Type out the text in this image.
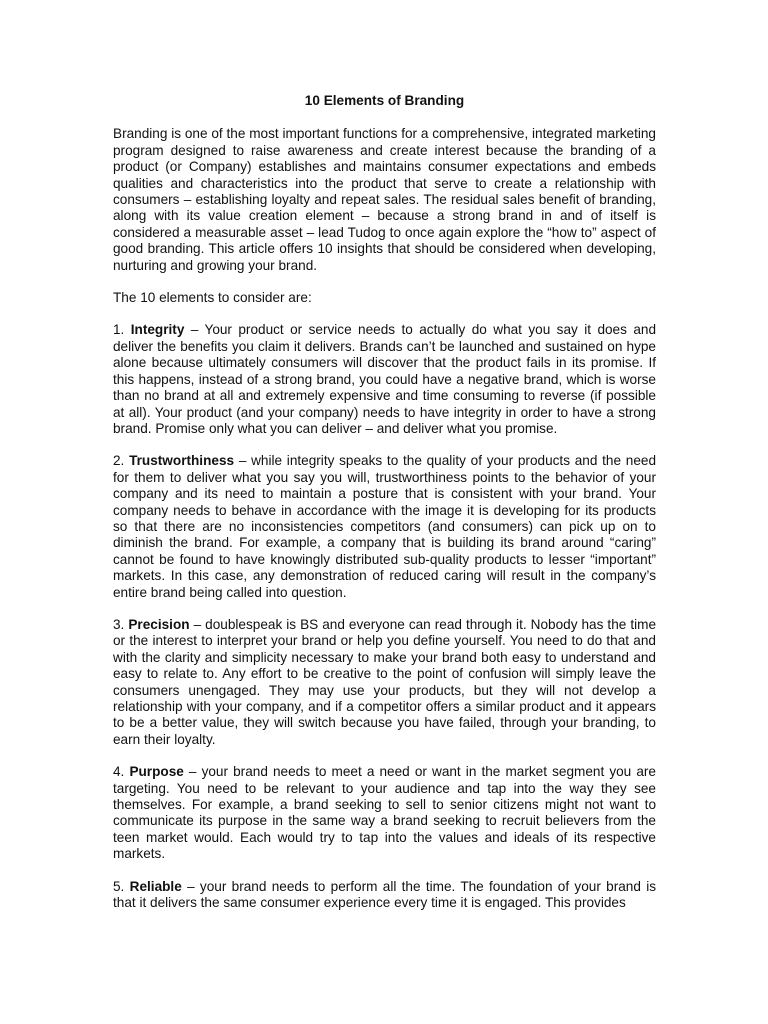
10 Elements of Branding

Branding is one of the most important functions for a comprehensive, integrated marketing program designed to raise awareness and create interest because the branding of a product (or Company) establishes and maintains consumer expectations and embeds qualities and characteristics into the product that serve to create a relationship with consumers – establishing loyalty and repeat sales. The residual sales benefit of branding, along with its value creation element – because a strong brand in and of itself is considered a measurable asset – lead Tudog to once again explore the “how to” aspect of good branding. This article offers 10 insights that should be considered when developing, nurturing and growing your brand.

The 10 elements to consider are:

1. Integrity – Your product or service needs to actually do what you say it does and deliver the benefits you claim it delivers. Brands can’t be launched and sustained on hype alone because ultimately consumers will discover that the product fails in its promise. If this happens, instead of a strong brand, you could have a negative brand, which is worse than no brand at all and extremely expensive and time consuming to reverse (if possible at all). Your product (and your company) needs to have integrity in order to have a strong brand. Promise only what you can deliver – and deliver what you promise.

2. Trustworthiness – while integrity speaks to the quality of your products and the need for them to deliver what you say you will, trustworthiness points to the behavior of your company and its need to maintain a posture that is consistent with your brand. Your company needs to behave in accordance with the image it is developing for its products so that there are no inconsistencies competitors (and consumers) can pick up on to diminish the brand. For example, a company that is building its brand around “caring” cannot be found to have knowingly distributed sub-quality products to lesser “important” markets. In this case, any demonstration of reduced caring will result in the company’s entire brand being called into question.

3. Precision – doublespeak is BS and everyone can read through it. Nobody has the time or the interest to interpret your brand or help you define yourself. You need to do that and with the clarity and simplicity necessary to make your brand both easy to understand and easy to relate to. Any effort to be creative to the point of confusion will simply leave the consumers unengaged. They may use your products, but they will not develop a relationship with your company, and if a competitor offers a similar product and it appears to be a better value, they will switch because you have failed, through your branding, to earn their loyalty.

4. Purpose – your brand needs to meet a need or want in the market segment you are targeting. You need to be relevant to your audience and tap into the way they see themselves. For example, a brand seeking to sell to senior citizens might not want to communicate its purpose in the same way a brand seeking to recruit believers from the teen market would. Each would try to tap into the values and ideals of its respective markets.

5. Reliable – your brand needs to perform all the time. The foundation of your brand is that it delivers the same consumer experience every time it is engaged. This provides
